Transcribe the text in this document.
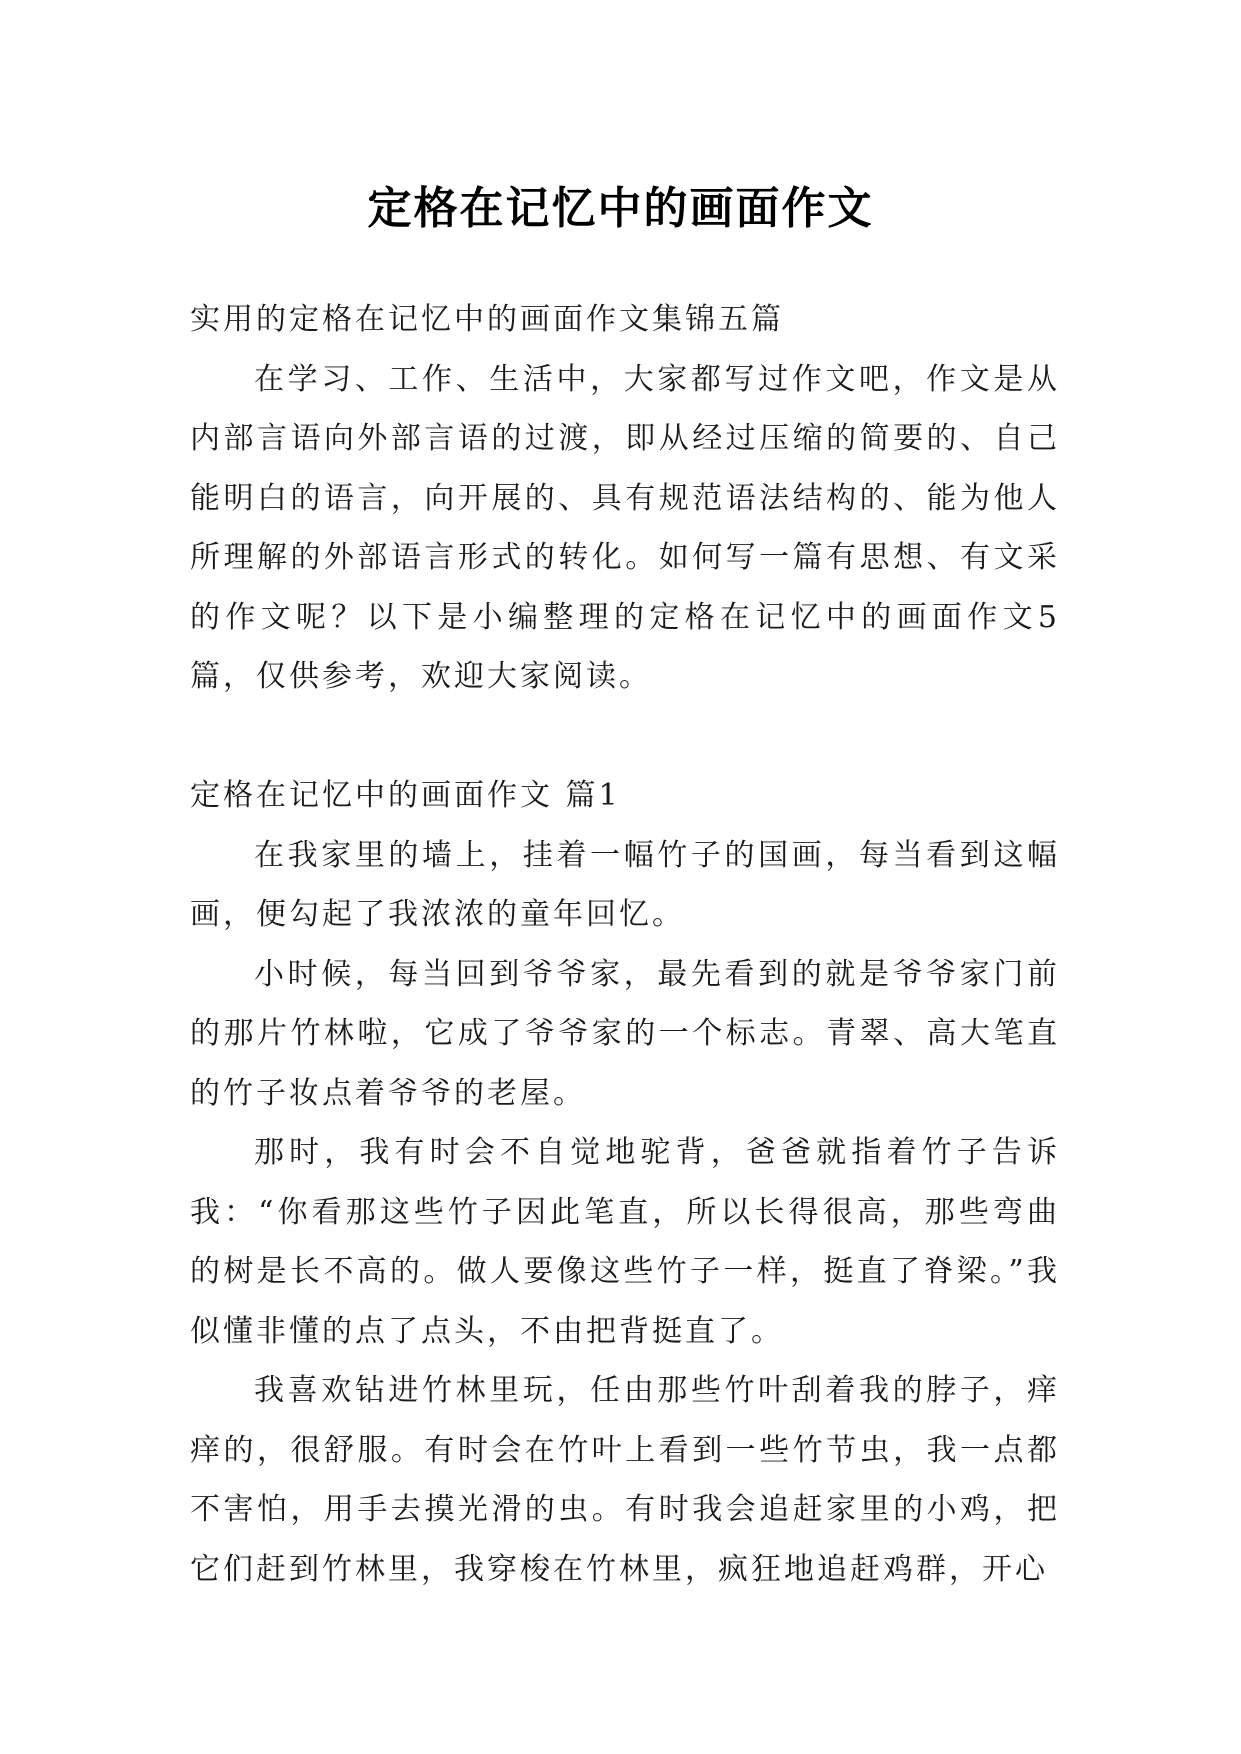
定格在记忆中的画面作文

实用的定格在记忆中的画面作文集锦五篇

在学习、工作、生活中，大家都写过作文吧，作文是从内部言语向外部言语的过渡，即从经过压缩的简要的、自己能明白的语言，向开展的、具有规范语法结构的、能为他人所理解的外部语言形式的转化。如何写一篇有思想、有文采的作文呢？以下是小编整理的定格在记忆中的画面作文5篇，仅供参考，欢迎大家阅读。

定格在记忆中的画面作文 篇1

在我家里的墙上，挂着一幅竹子的国画，每当看到这幅画，便勾起了我浓浓的童年回忆。

小时候，每当回到爷爷家，最先看到的就是爷爷家门前的那片竹林啦，它成了爷爷家的一个标志。青翠、高大笔直的竹子妆点着爷爷的老屋。

那时，我有时会不自觉地驼背，爸爸就指着竹子告诉我：“你看那这些竹子因此笔直，所以长得很高，那些弯曲的树是长不高的。做人要像这些竹子一样，挺直了脊梁。”我似懂非懂的点了点头，不由把背挺直了。

我喜欢钻进竹林里玩，任由那些竹叶刮着我的脖子，痒痒的，很舒服。有时会在竹叶上看到一些竹节虫，我一点都不害怕，用手去摸光滑的虫。有时我会追赶家里的小鸡，把它们赶到竹林里，我穿梭在竹林里，疯狂地追赶鸡群，开心
